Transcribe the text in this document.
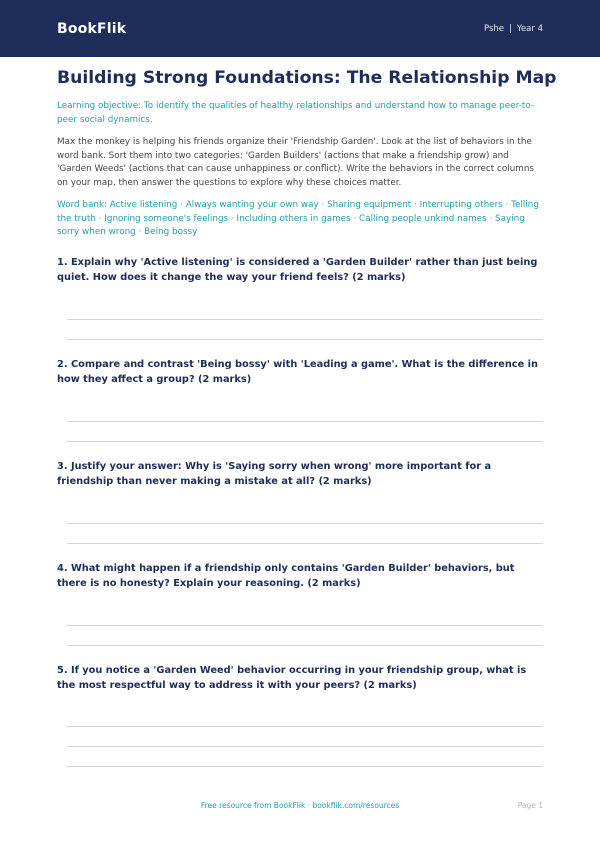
BookFlik	Pshe | Year 4
Building Strong Foundations: The Relationship Map

Learning objective: To identify the qualities of healthy relationships and understand how to manage peer-to-peer social dynamics.

Max the monkey is helping his friends organize their 'Friendship Garden'. Look at the list of behaviors in the word bank. Sort them into two categories: 'Garden Builders' (actions that make a friendship grow) and 'Garden Weeds' (actions that can cause unhappiness or conflict). Write the behaviors in the correct columns on your map, then answer the questions to explore why these choices matter.

Word bank: Active listening · Always wanting your own way · Sharing equipment · Interrupting others · Telling the truth · Ignoring someone's feelings · Including others in games · Calling people unkind names · Saying sorry when wrong · Being bossy

1. Explain why 'Active listening' is considered a 'Garden Builder' rather than just being quiet. How does it change the way your friend feels? (2 marks)

2. Compare and contrast 'Being bossy' with 'Leading a game'. What is the difference in how they affect a group? (2 marks)

3. Justify your answer: Why is 'Saying sorry when wrong' more important for a friendship than never making a mistake at all? (2 marks)

4. What might happen if a friendship only contains 'Garden Builder' behaviors, but there is no honesty? Explain your reasoning. (2 marks)

5. If you notice a 'Garden Weed' behavior occurring in your friendship group, what is the most respectful way to address it with your peers? (2 marks)

Free resource from BookFlik · bookflik.com/resources	Page 1
